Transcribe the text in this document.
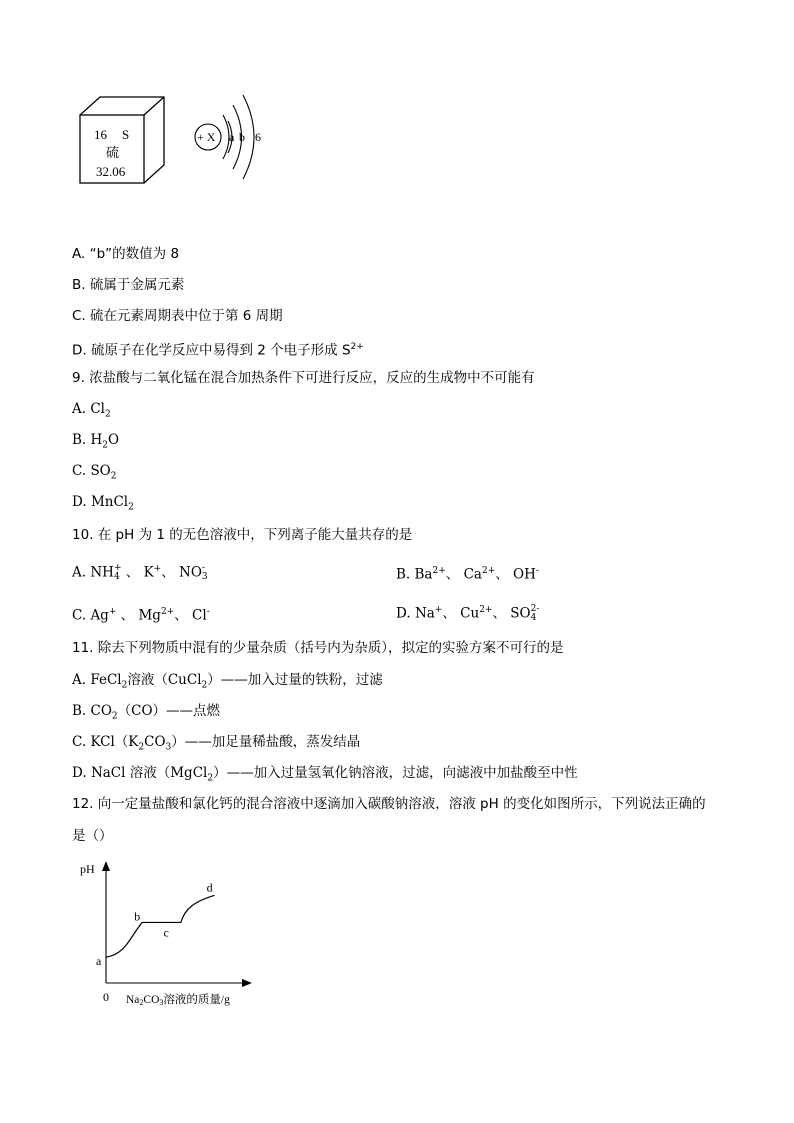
16 S
硫
32.06
+ X a b 6
A. “b”的数值为 8
B. 硫属于金属元素
C. 硫在元素周期表中位于第 6 周期
D. 硫原子在化学反应中易得到 2 个电子形成 $S^{2+}$
9. 浓盐酸与二氧化锰在混合加热条件下可进行反应，反应的生成物中不可能有
A. $Cl_2$
B. $H_2O$
C. $SO_2$
D. MnCl$_2$
10. 在 pH 为 1 的无色溶液中，下列离子能大量共存的是
A. NH+
4 、 K+、 NO-
3	B. $Ba^{2+}$、 $Ca^{2+}$、 OH-
C. Ag+ 、 $Mg^{2+}$、 Cl-	D. Na+、 $Cu^{2+}$、 SO2-
4
11. 除去下列物质中混有的少量杂质（括号内为杂质），拟定的实验方案不可行的是
A. FeCl$_2$溶液（CuCl$_2$）——加入过量的铁粉，过滤
B. $CO_2(CO)——$点燃
C. $KCl(K_2CO_3)——$加足量稀盐酸，蒸发结晶
D. NaCl 溶液（MgCl$_2$）——加入过量氢氧化钠溶液，过滤，向滤液中加盐酸至中性
12. 向一定量盐酸和氯化钙的混合溶液中逐滴加入碳酸钠溶液，溶液 pH 的变化如图所示，下列说法正确的
是（）
pH
0 Na2CO3溶液的质量/g
a
b
c
d
